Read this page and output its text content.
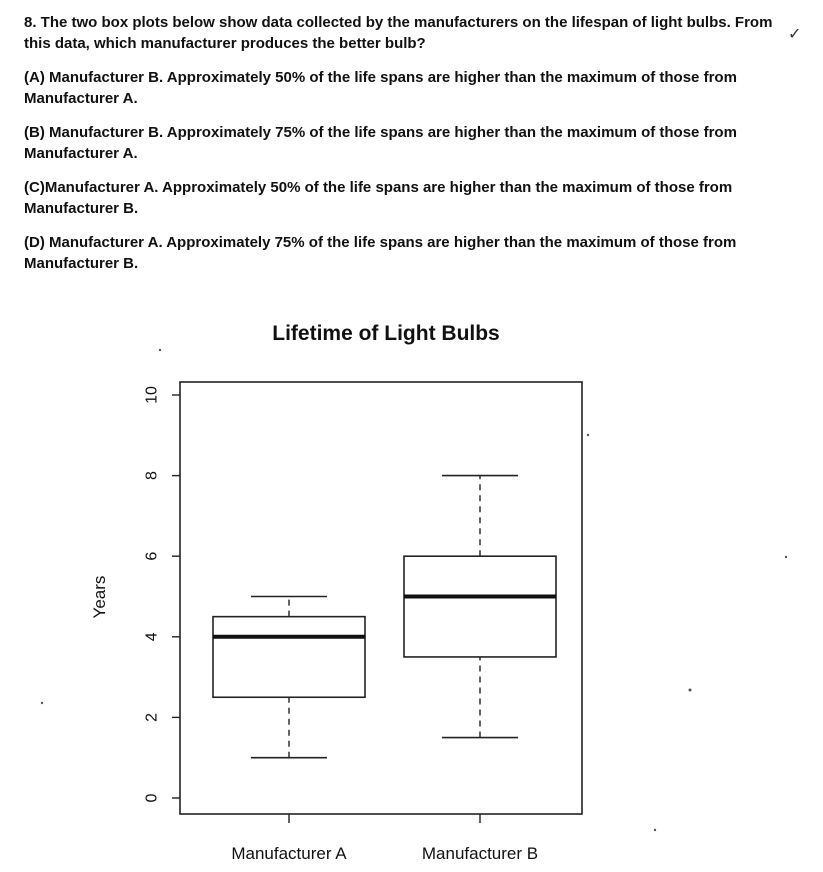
✓

8. The two box plots below show data collected by the manufacturers on the lifespan of light bulbs. From this data, which manufacturer produces the better bulb?

(A) Manufacturer B. Approximately 50% of the life spans are higher than the maximum of those from Manufacturer A.

(B) Manufacturer B. Approximately 75% of the life spans are higher than the maximum of those from Manufacturer A.

(C)Manufacturer A. Approximately 50% of the life spans are higher than the maximum of those from Manufacturer B.

(D) Manufacturer A. Approximately 75% of the life spans are higher than the maximum of those from Manufacturer B.

Lifetime of Light Bulbs
Years
0
2
4
6
8
10
Manufacturer A	Manufacturer B
